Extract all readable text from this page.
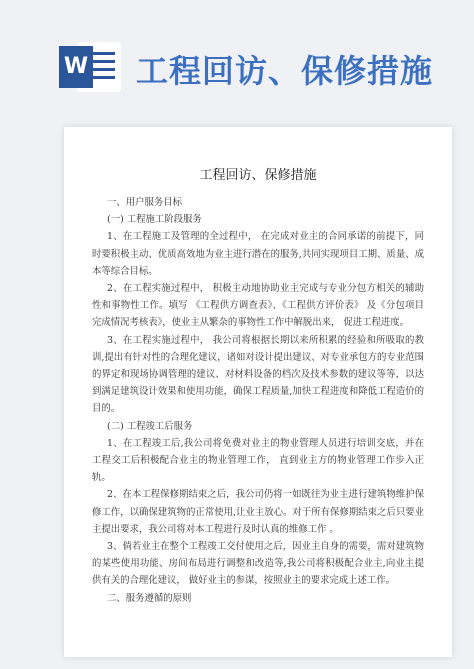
W 工程回访、保修措施
工程回访、保修措施

一、用户服务目标

(一) 工程施工阶段服务

1、在工程施工及管理的全过程中， 在完成对业主的合同承诺的前提下，同时要积极主动、优质高效地为业主进行潜在的服务,共同实现项目工期、质量、成本等综合目标。

2、在工程实施过程中， 积极主动地协助业主完成与专业分包方相关的辅助性和事物性工作。填写 《工程供方调查表》、《工程供方评价表》 及《分包项目完成情况考核表》，使业主从繁杂的事物性工作中解脱出来， 促进工程进度。

3、在工程实施过程中， 我公司将根据长期以来所积累的经验和所吸取的教训,提出有针对性的合理化建议，诸如对设计提出建议、对专业承包方的专业范围的界定和现场协调管理的建议、对材料设备的档次及技术参数的建议等等，以达到满足建筑设计效果和使用功能，确保工程质量,加快工程进度和降低工程造价的目的。

(二) 工程竣工后服务

1、在工程竣工后,我公司将免费对业主的物业管理人员进行培训交底，并在工程交工后积极配合业主的物业管理工作， 直到业主方的物业管理工作步入正轨。

2、在本工程保修期结束之后，我公司仍将一如既往为业主进行建筑物维护保修工作，以确保建筑物的正常使用,让业主放心。对于所有保修期结束之后只要业主提出要求，我公司将对本工程进行及时认真的维修工作 。

3、倘若业主在整个工程竣工交付使用之后，因业主自身的需要，需对建筑物的某些使用功能、房间布局进行调整和改造等,我公司将积极配合业主,向业主提供有关的合理化建议， 做好业主的参谋，按照业主的要求完成上述工作。

二、服务遵循的原则
